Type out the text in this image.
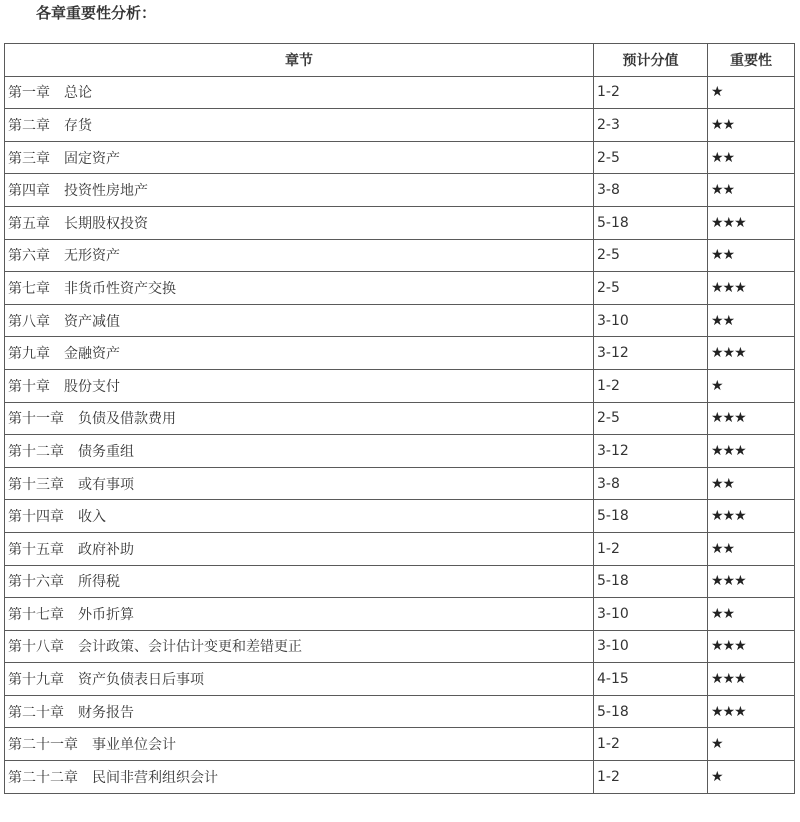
各章重要性分析：
章节	预计分值	重要性
第一章　总论	1-2	★
第二章　存货	2-3	★★
第三章　固定资产	2-5	★★
第四章　投资性房地产	3-8	★★
第五章　长期股权投资	5-18	★★★
第六章　无形资产	2-5	★★
第七章　非货币性资产交换	2-5	★★★
第八章　资产减值	3-10	★★
第九章　金融资产	3-12	★★★
第十章　股份支付	1-2	★
第十一章　负债及借款费用	2-5	★★★
第十二章　债务重组	3-12	★★★
第十三章　或有事项	3-8	★★
第十四章　收入	5-18	★★★
第十五章　政府补助	1-2	★★
第十六章　所得税	5-18	★★★
第十七章　外币折算	3-10	★★
第十八章　会计政策、会计估计变更和差错更正	3-10	★★★
第十九章　资产负债表日后事项	4-15	★★★
第二十章　财务报告	5-18	★★★
第二十一章　事业单位会计	1-2	★
第二十二章　民间非营利组织会计	1-2	★
